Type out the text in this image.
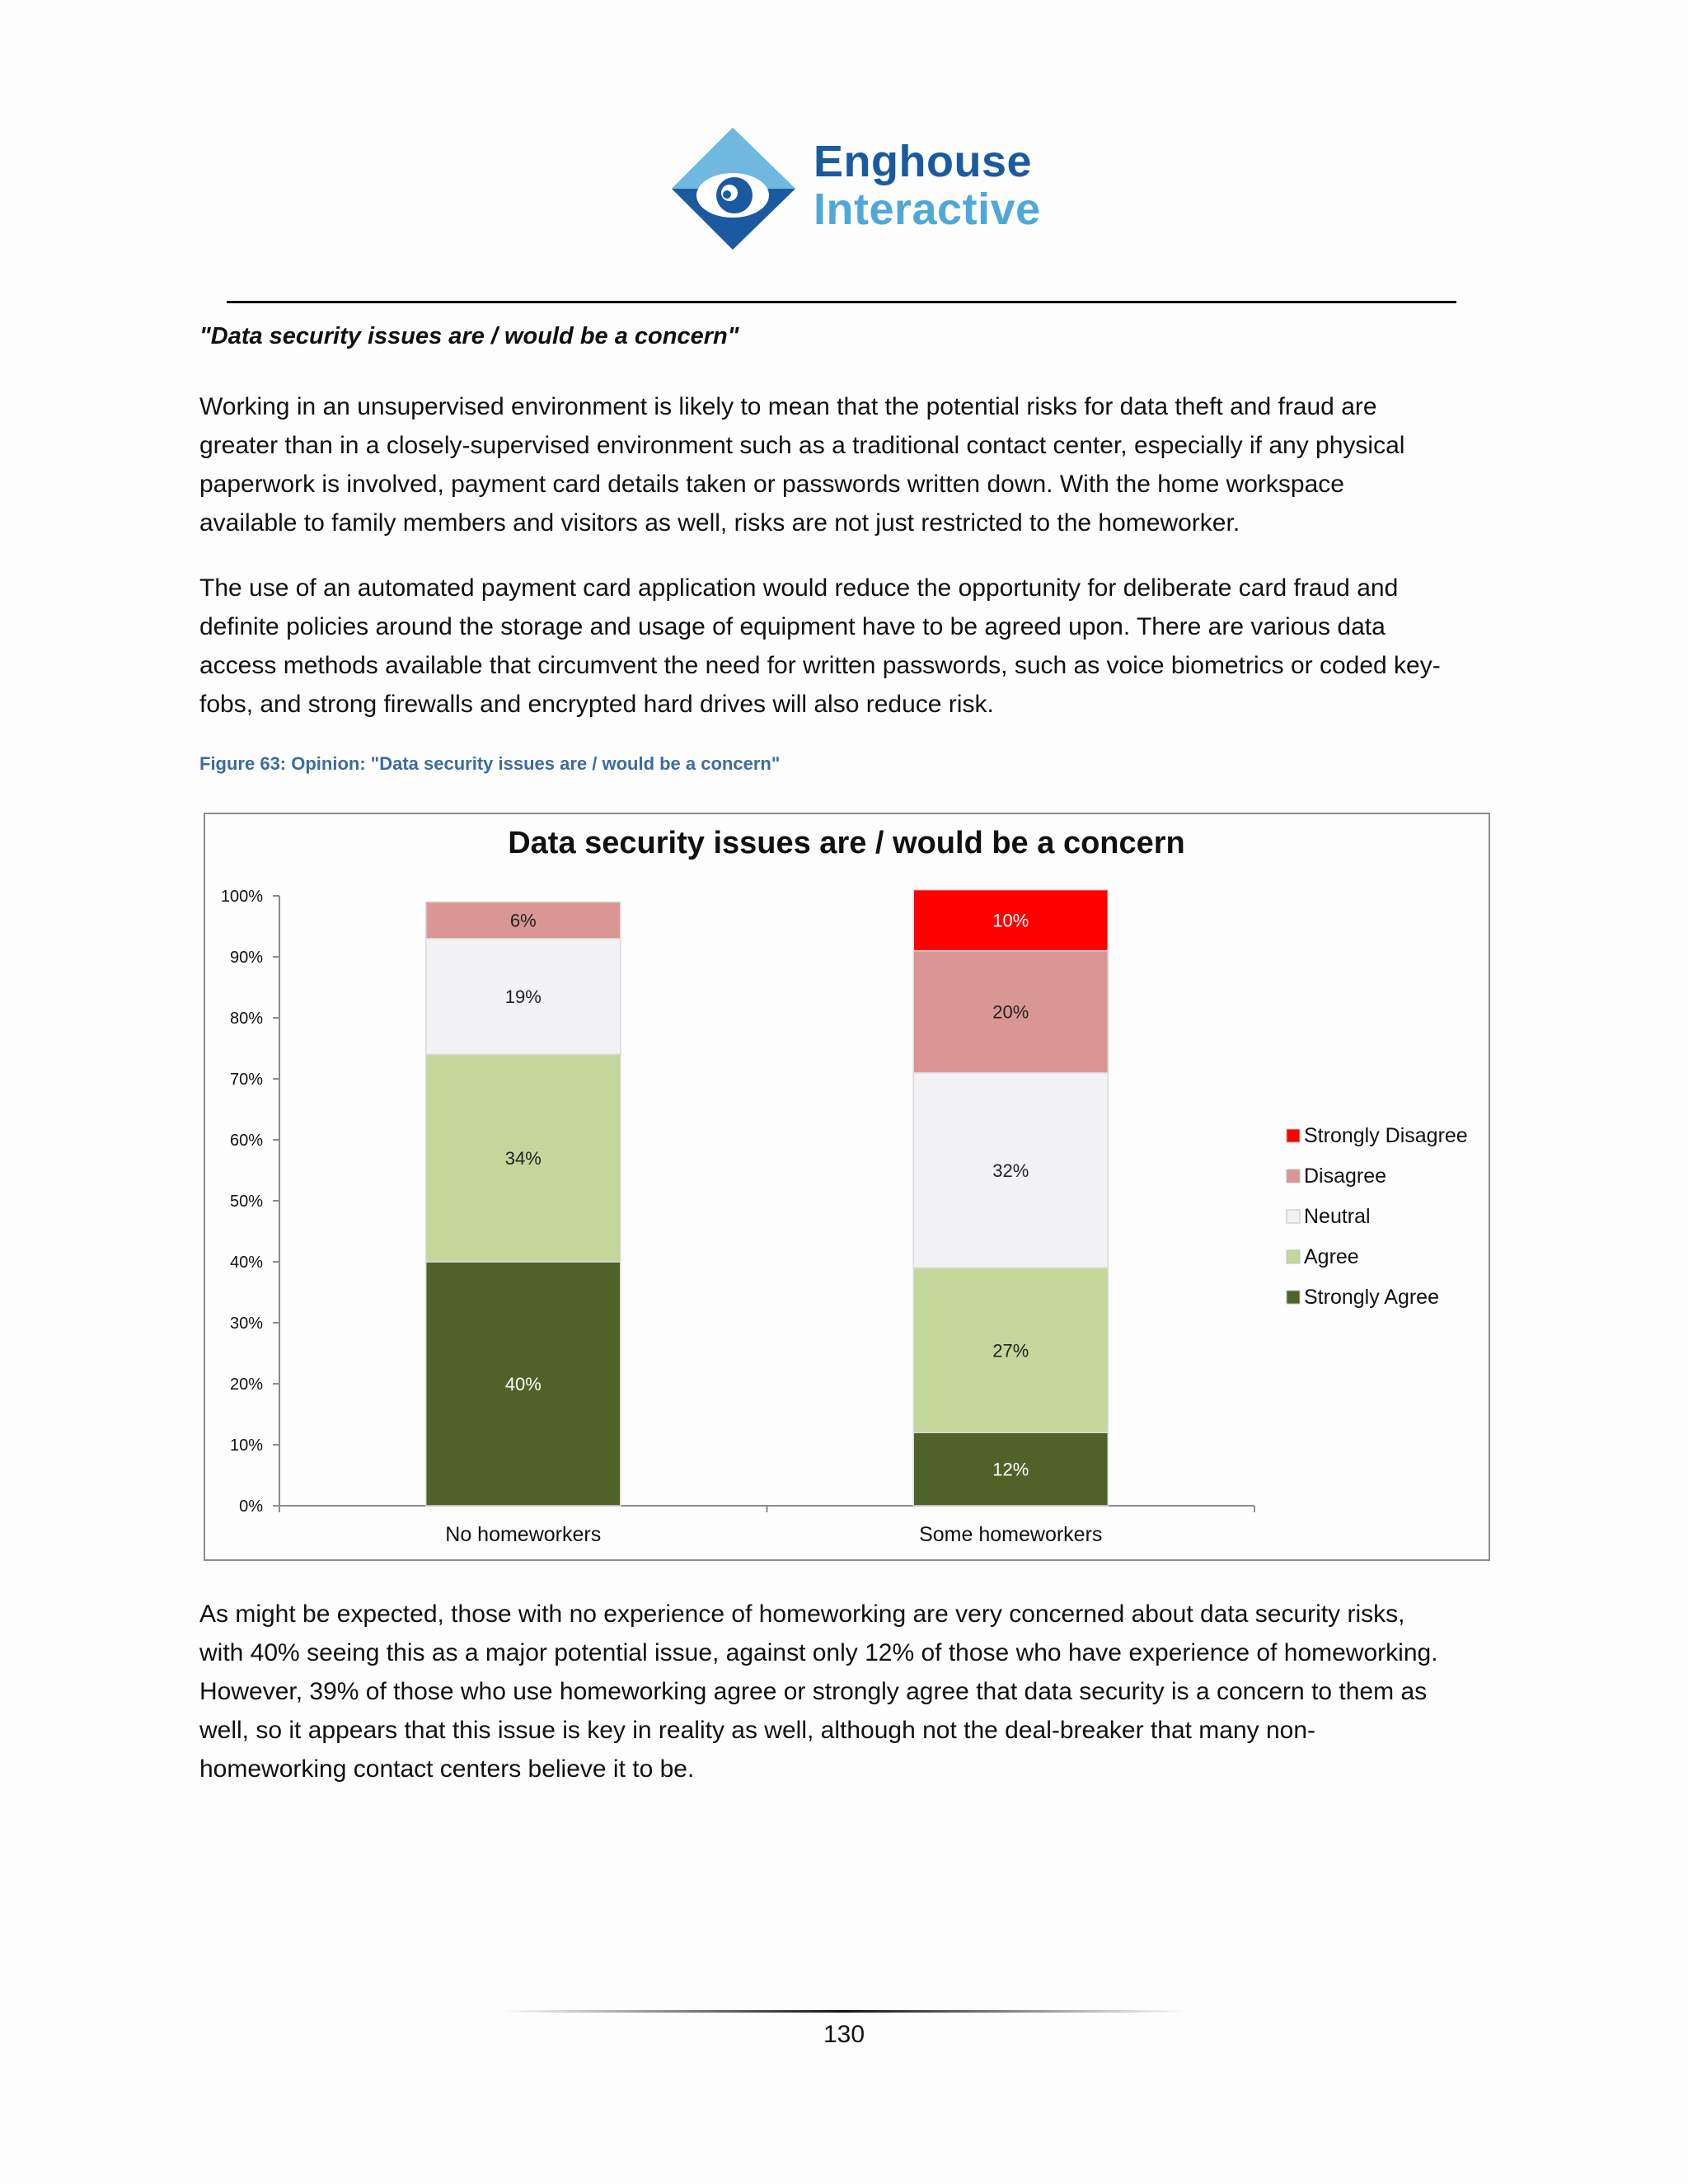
Enghouse
Interactive
"Data security issues are / would be a concern"

Working in an unsupervised environment is likely to mean that the potential risks for data theft and fraud are
greater than in a closely-supervised environment such as a traditional contact center, especially if any physical
paperwork is involved, payment card details taken or passwords written down. With the home workspace
available to family members and visitors as well, risks are not just restricted to the homeworker.

The use of an automated payment card application would reduce the opportunity for deliberate card fraud and
definite policies around the storage and usage of equipment have to be agreed upon. There are various data
access methods available that circumvent the need for written passwords, such as voice biometrics or coded key-
fobs, and strong firewalls and encrypted hard drives will also reduce risk.

Figure 63: Opinion: "Data security issues are / would be a concern"
Data security issues are / would be a concern
0%
10%
20%
30%
40%
50%
60%
70%
80%
90%
100%
40%
34%
19%
6%
No homeworkers
12%
27%
32%
20%
10%
Some homeworkers
Strongly Disagree
Disagree
Neutral
Agree
Strongly Agree

As might be expected, those with no experience of homeworking are very concerned about data security risks,
with 40% seeing this as a major potential issue, against only 12% of those who have experience of homeworking.
However, 39% of those who use homeworking agree or strongly agree that data security is a concern to them as
well, so it appears that this issue is key in reality as well, although not the deal-breaker that many non-
homeworking contact centers believe it to be.

130
